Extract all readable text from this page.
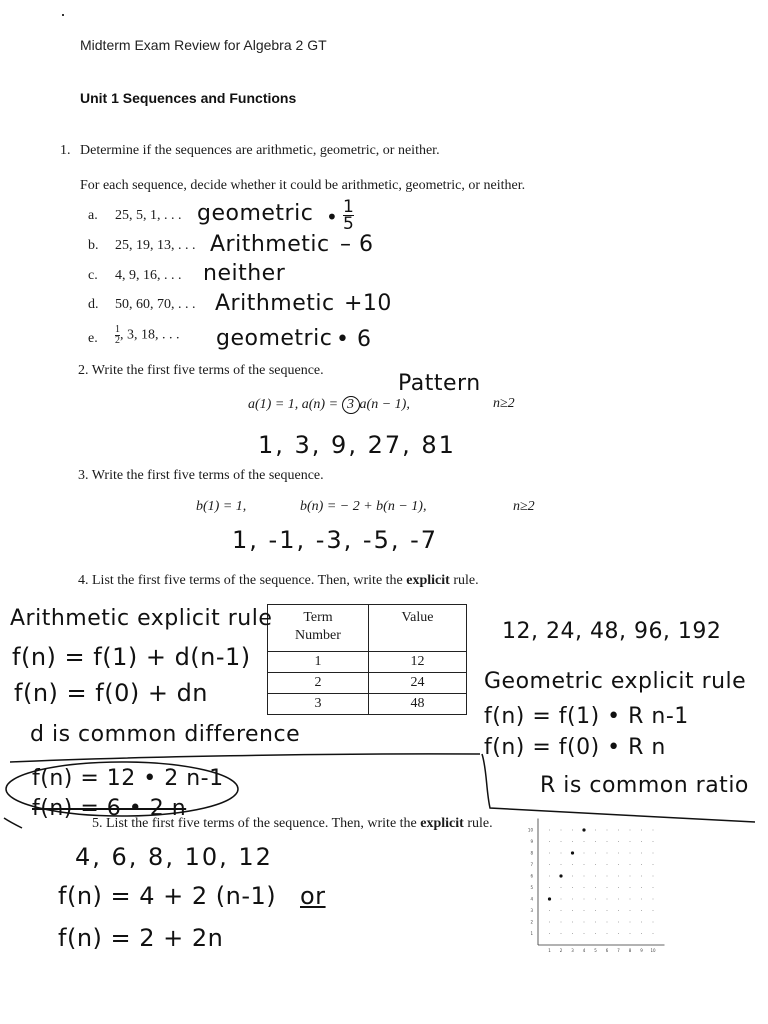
Midterm Exam Review for Algebra 2 GT
Unit 1 Sequences and Functions
1. Determine if the sequences are arithmetic, geometric, or neither.
For each sequence, decide whether it could be arithmetic, geometric, or neither.
a. 25, 5, 1, . . . geometric • $\frac{1}{5}$
b. 25, 19, 13, . . . Arithmetic – 6
c. 4, 9, 16, . . . neither
d. 50, 60, 70, . . . Arithmetic +10
e. $\frac{1}{2}$ , 3, 18, . . . geometric • 6
2. Write the first five terms of the sequence.
Pattern
a(1) = 1, a(n) = 3 a(n − 1),	n≥2
1, 3, 9, 27, 81
3. Write the first five terms of the sequence.
b(1) = 1,	b(n) = − 2 + b(n − 1),	n≥2
1, -1, -3, -5, -7
4. List the first five terms of the sequence. Then, write the explicit rule.
Term
Number	Value
1	12
2	24
3	48
Arithmetic explicit rule
f(n) = f(1) + d(n-1)
f(n) = f(0) + dn
d is common difference
f(n) = 12 • 2 n-1
f(n) = 6 • 2 n
12, 24, 48, 96, 192
Geometric explicit rule
f(n) = f(1) • R n-1
f(n) = f(0) • R n
R is common ratio
5. List the first five terms of the sequence. Then, write the explicit rule.
4, 6, 8, 10, 12
f(n) = 4 + 2 (n-1) or
f(n) = 2 + 2n	1
2
3
4
5
6
7
8
9
10
1 2 3 4 5 6 7 8 9 10
